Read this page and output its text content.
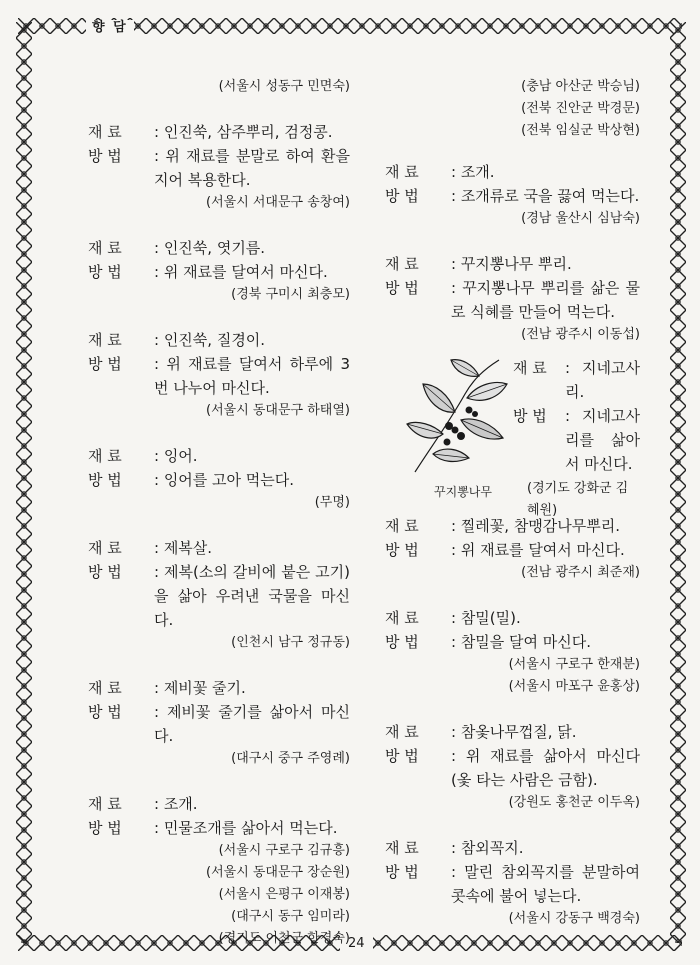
향 담
24
(서울시 성동구 민면숙)
재 료	: 인진쑥, 삼주뿌리, 검정콩.
방 법	: 위 재료를 분말로 하여 환을 지어 복용한다.
(서울시 서대문구 송창여)
재 료	: 인진쑥, 엿기름.
방 법	: 위 재료를 달여서 마신다.
(경북 구미시 최충모)
재 료	: 인진쑥, 질경이.
방 법	: 위 재료를 달여서 하루에 3번 나누어 마신다.
(서울시 동대문구 하태열)
재 료	: 잉어.
방 법	: 잉어를 고아 먹는다.
(무명)
재 료	: 제복살.
방 법	: 제복(소의 갈비에 붙은 고기)을 삶아 우려낸 국물을 마신다.
(인천시 남구 정규동)
재 료	: 제비꽃 줄기.
방 법	: 제비꽃 줄기를 삶아서 마신다.
(대구시 중구 주영례)
재 료	: 조개.
방 법	: 민물조개를 삶아서 먹는다.
(서울시 구로구 김규흥)
(서울시 동대문구 장순원)
(서울시 은평구 이재봉)
(대구시 동구 임미라)
(경기도 이천군 한경숙)
(충남 아산군 박승님)
(전북 진안군 박경문)
(전북 임실군 박상현)
재 료	: 조개.
방 법	: 조개류로 국을 끓여 먹는다.
(경남 울산시 심남숙)
재 료	: 꾸지뽕나무 뿌리.
방 법	: 꾸지뽕나무 뿌리를 삶은 물로 식혜를 만들어 먹는다.
(전남 광주시 이동섭)
꾸지뽕나무
재 료	: 지네고사리.
방 법	: 지네고사리를 삶아서 마신다.
(경기도 강화군 김혜원)
재 료	: 찔레꽃, 참맹감나무뿌리.
방 법	: 위 재료를 달여서 마신다.
(전남 광주시 최준재)
재 료	: 참밀(밀).
방 법	: 참밀을 달여 마신다.
(서울시 구로구 한재분)
(서울시 마포구 윤홍상)
재 료	: 참옻나무껍질, 닭.
방 법	: 위 재료를 삶아서 마신다(옻 타는 사람은 금함).
(강원도 홍천군 이두옥)
재 료	: 참외꼭지.
방 법	: 말린 참외꼭지를 분말하여 콧속에 불어 넣는다.
(서울시 강동구 백경숙)
